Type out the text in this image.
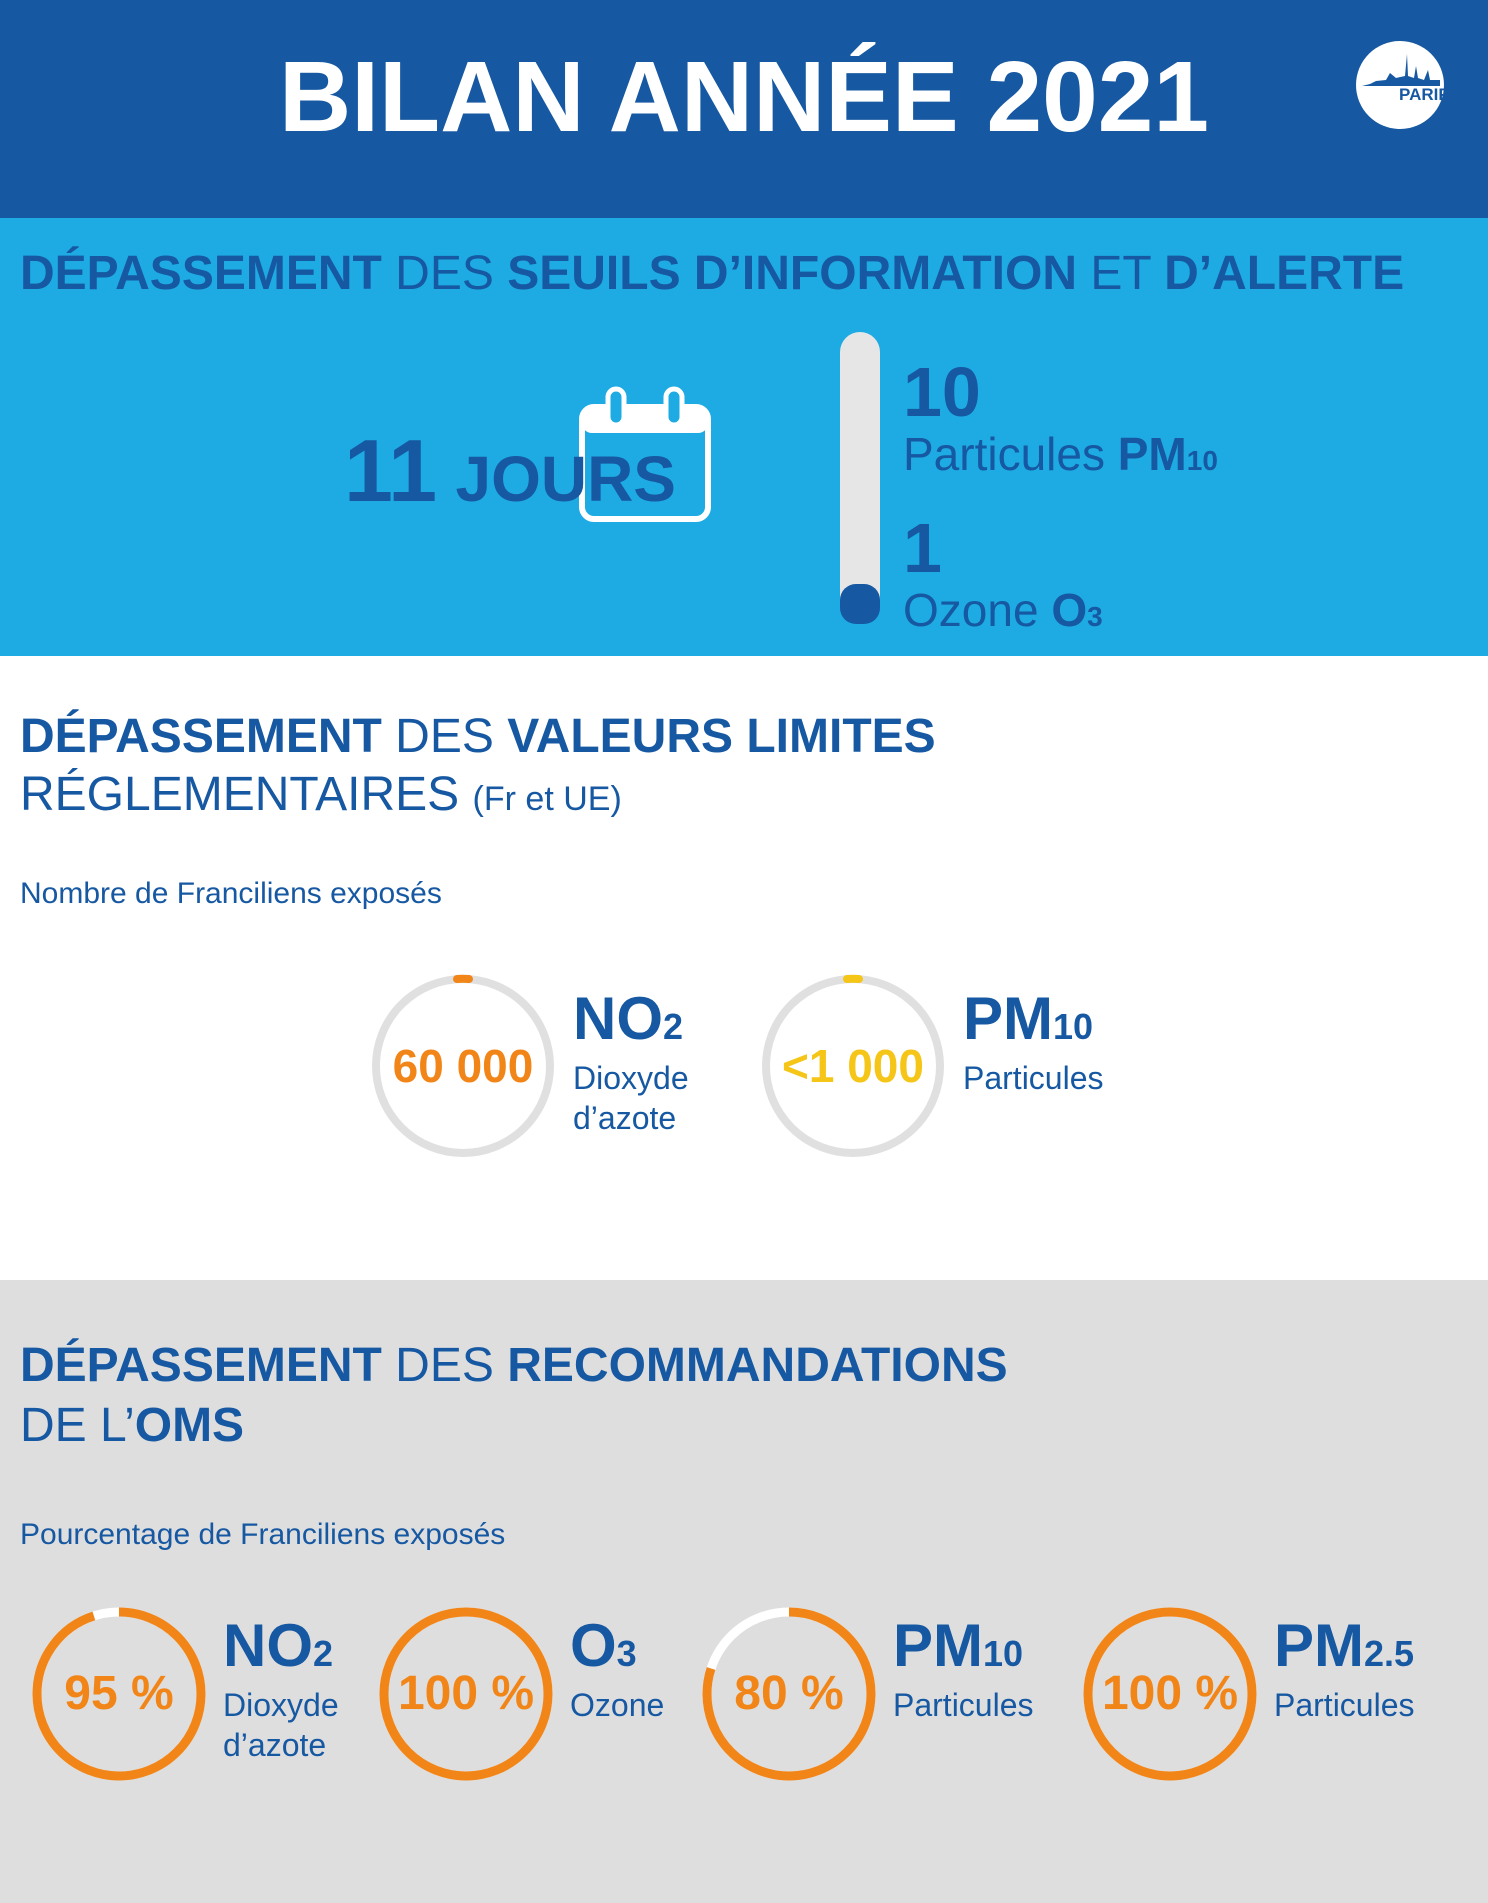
BILAN ANNÉE 2021	AIR
PARIF
DÉPASSEMENT DES SEUILS D’INFORMATION ET D’ALERTE
11 JOURS
10
Particules PM10
1
Ozone O3
DÉPASSEMENT DES VALEURS LIMITES
RÉGLEMENTAIRES (Fr et UE)
Nombre de Franciliens exposés
60 000
NO2
Dioxyde
d’azote
<1 000
PM10
Particules
DÉPASSEMENT DES RECOMMANDATIONS
DE L’OMS
Pourcentage de Franciliens exposés
95 %
NO2
Dioxyde
d’azote
100 %
O3
Ozone	80 %
PM10
Particules	100 %
PM2.5
Particules
